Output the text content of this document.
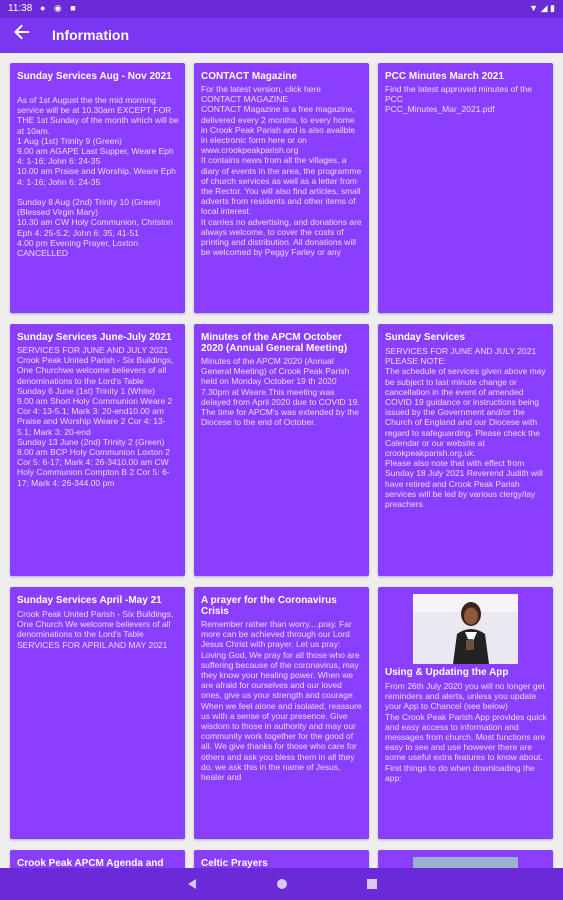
11:38 ● ◉ ■	▼ ◢ ▮
Information
Sunday Services Aug - Nov 2021
As of 1st August the the mid morning service will be at 10.30am EXCEPT FOR THE 1st Sunday of the month which will be at 10am.
1 Aug (1st) Trinity 9 (Green)
9.00 am AGAPE Last Supper, Weare Eph 4: 1-16; John 6: 24-35
10.00 am Praise and Worship, Weare Eph 4: 1-16; John 6: 24-35

Sunday 8 Aug (2nd) Trinity 10 (Green) (Blessed Virgin Mary)
10.30 am CW Holy Communion, Christon Eph 4: 25-5.2; John 6: 35, 41-51
4.00 pm Evening Prayer, Loxton CANCELLED
CONTACT Magazine
For the latest version, click here
CONTACT MAGAZINE
CONTACT Magazine is a free magazine, delivered every 2 months, to every home in Crook Peak Parish and is also availble in electronic form here or on www.crookpeakparish.org
It contains news from all the villages, a diary of events in the area, the programme of church services as well as a letter from the Rector. You will also find articles, small adverts from residents and other items of local interest.
It carries no advertising, and donations are always welcome, to cover the costs of printing and distribution. All donations will be welcomed by Peggy Farley or any
PCC Minutes March 2021
Find the latest approved minutes of the PCC
PCC_Minutes_Mar_2021.pdf
Sunday Services June-July 2021
SERVICES FOR JUNE AND JULY 2021
Crook Peak United Parish - Six Buildings, One Churchwe welcome believers of all denominations to the Lord's Table
Sunday 6 June (1st) Trinity 1 (White)
9.00 am Short Holy Communion Weare 2 Cor 4: 13-5.1; Mark 3: 20-end10.00 am Praise and Worship Weare 2 Cor 4: 13-5.1; Mark 3: 20-end
Sunday 13 June (2nd) Trinity 2 (Green)
8.00 am BCP Holy Communion Loxton 2 Cor 5: 6-17; Mark 4: 26-3410.00 am CW Holy Communion Compton B 2 Cor 5: 6-17; Mark 4: 26-344.00 pm
Minutes of the APCM October 2020 (Annual General Meeting)
Minutes of the APCM 2020 (Annual General Meeting) of Crook Peak Parish held on Monday October 19 th 2020 7.30pm at Weare.This meeting was delayed from April 2020 due to COVID 19.
The time for APCM's was extended by the Diocese to the end of October.
Sunday Services
SERVICES FOR JUNE AND JULY 2021
PLEASE NOTE:
The schedule of services given above may be subject to last minute change or cancellation in the event of amended COVID 19 guidance or instructions being issued by the Government and/or the Church of England and our Diocese with regard to safeguarding. Please check the Calendar or our website at crookpeakparish.org.uk.
Please also note that with effect from Sunday 18 July 2021 Reverend Judith will have retired and Crook Peak Parish services will be led by various clergy/lay preachers.
Sunday Services April -May 21
Crook Peak United Parish - Six Buildings, One Church We welcome believers of all denominations to the Lord's Table
SERVICES FOR APRIL AND MAY 2021
A prayer for the Coronavirus Crisis
Remember rather than worry....pray. Far more can be achieved through our Lord Jesus Christ with prayer. Let us pray:
Loving God, We pray for all those who are suffering because of the coronavirus, may they know your healing power. When we are afraid for ourselves and our loved ones, give us your strength and courage. When we feel alone and isolated, reassure us with a sense of your presence. Give wisdom to those in authority and may our community work together for the good of all. We give thanks for those who care for others and ask you bless them in all they do. we ask this in the name of Jesus, healer and
Using & Updating the App
From 26th July 2020 you will no longer get reminders and alerts, unless you update your App to Chancel (see below)
The Crook Peak Parish App provides quick and easy access to information and messages from church. Most functions are easy to see and use however there are some useful extra features to know about.
First things to do when downloading the app:
Crook Peak APCM Agenda and	Celtic Prayers
